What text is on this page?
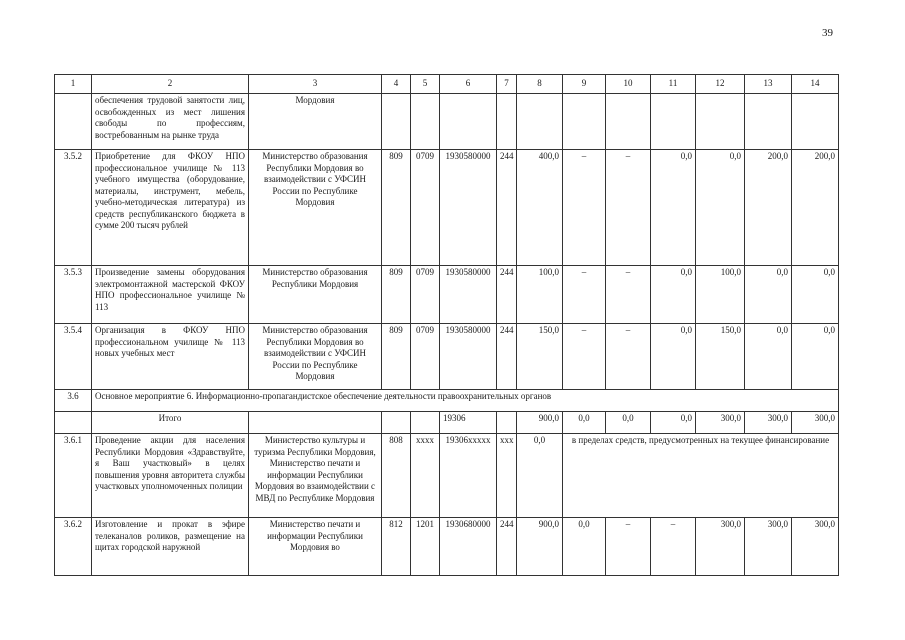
39
1	2	3	4	5	6	7	8	9	10	11	12	13	14
	обеспечения трудовой занятости лиц, освобожденных из мест лишения свободы по профессиям, востребованным на рынке труда	Мордовия											
3.5.2	Приобретение для ФКОУ НПО профессиональное училище № 113 учебного имущества (оборудование, материалы, инструмент, мебель, учебно-методическая литература) из средств республиканского бюджета в сумме 200 тысяч рублей	Министерство образования Республики Мордовия во взаимодействии с УФСИН России по Республике Мордовия	809	0709	1930580000	244	400,0	–	–	0,0	0,0	200,0	200,0
3.5.3	Произведение замены оборудования электромонтажной мастерской ФКОУ НПО профессиональное училище № 113	Министерство образования Республики Мордовия	809	0709	1930580000	244	100,0	–	–	0,0	100,0	0,0	0,0
3.5.4	Организация в ФКОУ НПО профессиональном училище № 113 новых учебных мест	Министерство образования Республики Мордовия во взаимодействии с УФСИН России по Республике Мордовия	809	0709	1930580000	244	150,0	–	–	0,0	150,0	0,0	0,0
3.6	Основное мероприятие 6. Информационно-пропагандистское обеспечение деятельности правоохранительных органов												
	Итого				19306		900,0	0,0	0,0	0,0	300,0	300,0	300,0
3.6.1	Проведение акции для населения Республики Мордовия «Здравствуйте, я Ваш участковый» в целях повышения уровня авторитета службы участковых уполномоченных полиции	Министерство культуры и туризма Республики Мордовия, Министерство печати и информации Республики Мордовия во взаимодействии с МВД по Республике Мордовия	808	xxxx	19306xxxxx	xxx	0,0	в пределах средств, предусмотренных на текущее финансирование					
3.6.2	Изготовление и прокат в эфире телеканалов роликов, размещение на щитах городской наружной	Министерство печати и информации Республики Мордовия во	812	1201	1930680000	244	900,0	0,0	–	–	300,0	300,0	300,0
